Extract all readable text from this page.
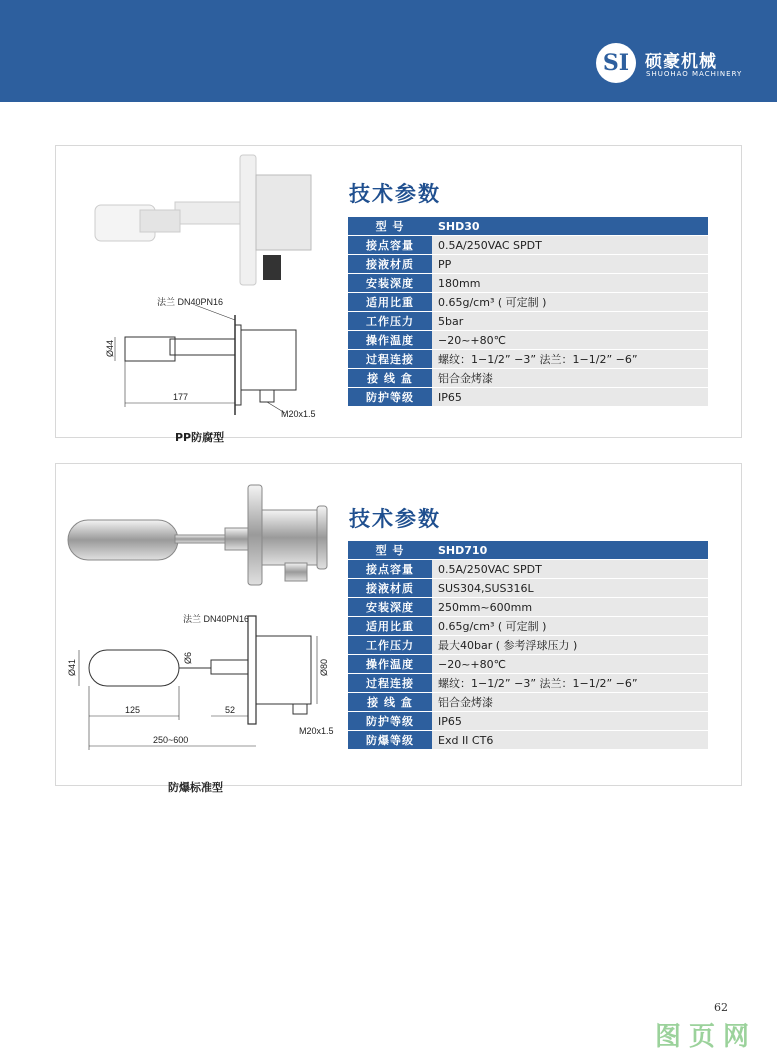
SI 硕豪机械
SHUOHAO MACHINERY
法兰 DN40PN16
Ø44
177
M20x1.5
PP防腐型
技术参数
型 号	SHD30
接点容量	0.5A/250VAC SPDT
接液材质	PP
安装深度	180mm
适用比重	0.65g/cm³ ( 可定制 )
工作压力	5bar
操作温度	−20~+80℃
过程连接	螺纹：1−1/2” −3” 法兰：1−1/2” −6”
接 线 盒	铝合金烤漆
防护等级	IP65
法兰 DN40PN16
Ø41
Ø6
Ø80
125	52
250~600
M20x1.5
防爆标准型
技术参数
型 号	SHD710
接点容量	0.5A/250VAC SPDT
接液材质	SUS304,SUS316L
安装深度	250mm~600mm
适用比重	0.65g/cm³ ( 可定制 )
工作压力	最大40bar ( 参考浮球压力 )
操作温度	−20~+80℃
过程连接	螺纹：1−1/2” −3” 法兰：1−1/2” −6”
接 线 盒	铝合金烤漆
防护等级	IP65
防爆等级	Exd II CT6
62
图页网
